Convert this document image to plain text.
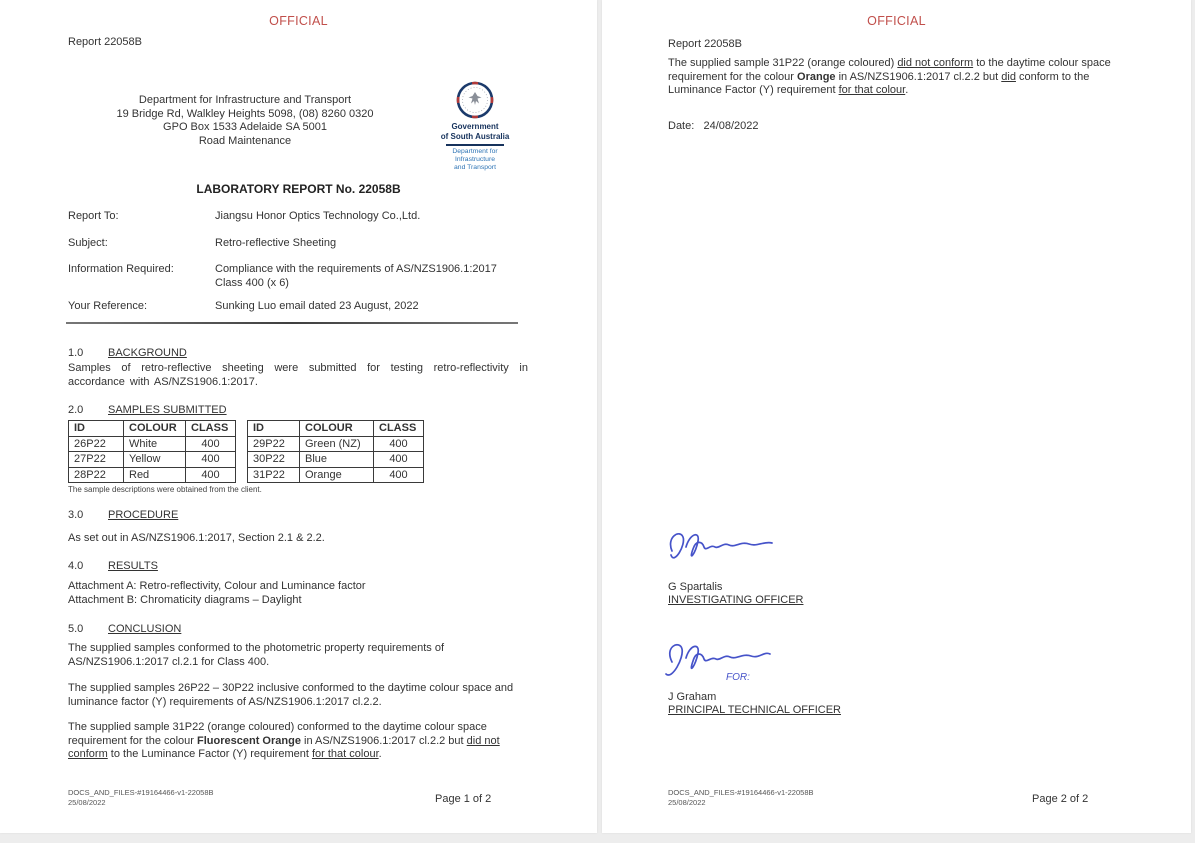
OFFICIAL
Report 22058B
Department for Infrastructure and Transport
19 Bridge Rd, Walkley Heights 5098, (08) 8260 0320
GPO Box 1533 Adelaide SA 5001
Road Maintenance
Government
of South Australia
Department for Infrastructure
and Transport
LABORATORY REPORT No. 22058B
Report To:	Jiangsu Honor Optics Technology Co.,Ltd.
Subject:	Retro-reflective Sheeting
Information Required:	Compliance with the requirements of AS/NZS1906.1:2017
Class 400 (x 6)
Your Reference:	Sunking Luo email dated 23 August, 2022
1.0 BACKGROUND
Samples of retro-reflective sheeting were submitted for testing retro-reflectivity in accordance with AS/NZS1906.1:2017.
2.0 SAMPLES SUBMITTED
ID	COLOUR	CLASS
26P22	White	400
27P22	Yellow	400
28P22	Red	400
ID	COLOUR	CLASS
29P22	Green (NZ)	400
30P22	Blue	400
31P22	Orange	400
The sample descriptions were obtained from the client.
3.0 PROCEDURE
As set out in AS/NZS1906.1:2017, Section 2.1 & 2.2.
4.0 RESULTS
Attachment A: Retro-reflectivity, Colour and Luminance factor
Attachment B: Chromaticity diagrams – Daylight
5.0 CONCLUSION
The supplied samples conformed to the photometric property requirements of AS/NZS1906.1:2017 cl.2.1 for Class 400.
The supplied samples 26P22 – 30P22 inclusive conformed to the daytime colour space and luminance factor (Y) requirements of AS/NZS1906.1:2017 cl.2.2.
The supplied sample 31P22 (orange coloured) conformed to the daytime colour space requirement for the colour Fluorescent Orange in AS/NZS1906.1:2017 cl.2.2 but did not conform to the Luminance Factor (Y) requirement for that colour.
DOCS_AND_FILES-#19164466-v1-22058B
25/08/2022	Page 1 of 2
OFFICIAL
Report 22058B
The supplied sample 31P22 (orange coloured) did not conform to the daytime colour space requirement for the colour Orange in AS/NZS1906.1:2017 cl.2.2 but did conform to the Luminance Factor (Y) requirement for that colour.
Date: 24/08/2022
G Spartalis
INVESTIGATING OFFICER
FOR:
J Graham
PRINCIPAL TECHNICAL OFFICER
DOCS_AND_FILES-#19164466-v1-22058B
25/08/2022	Page 2 of 2
